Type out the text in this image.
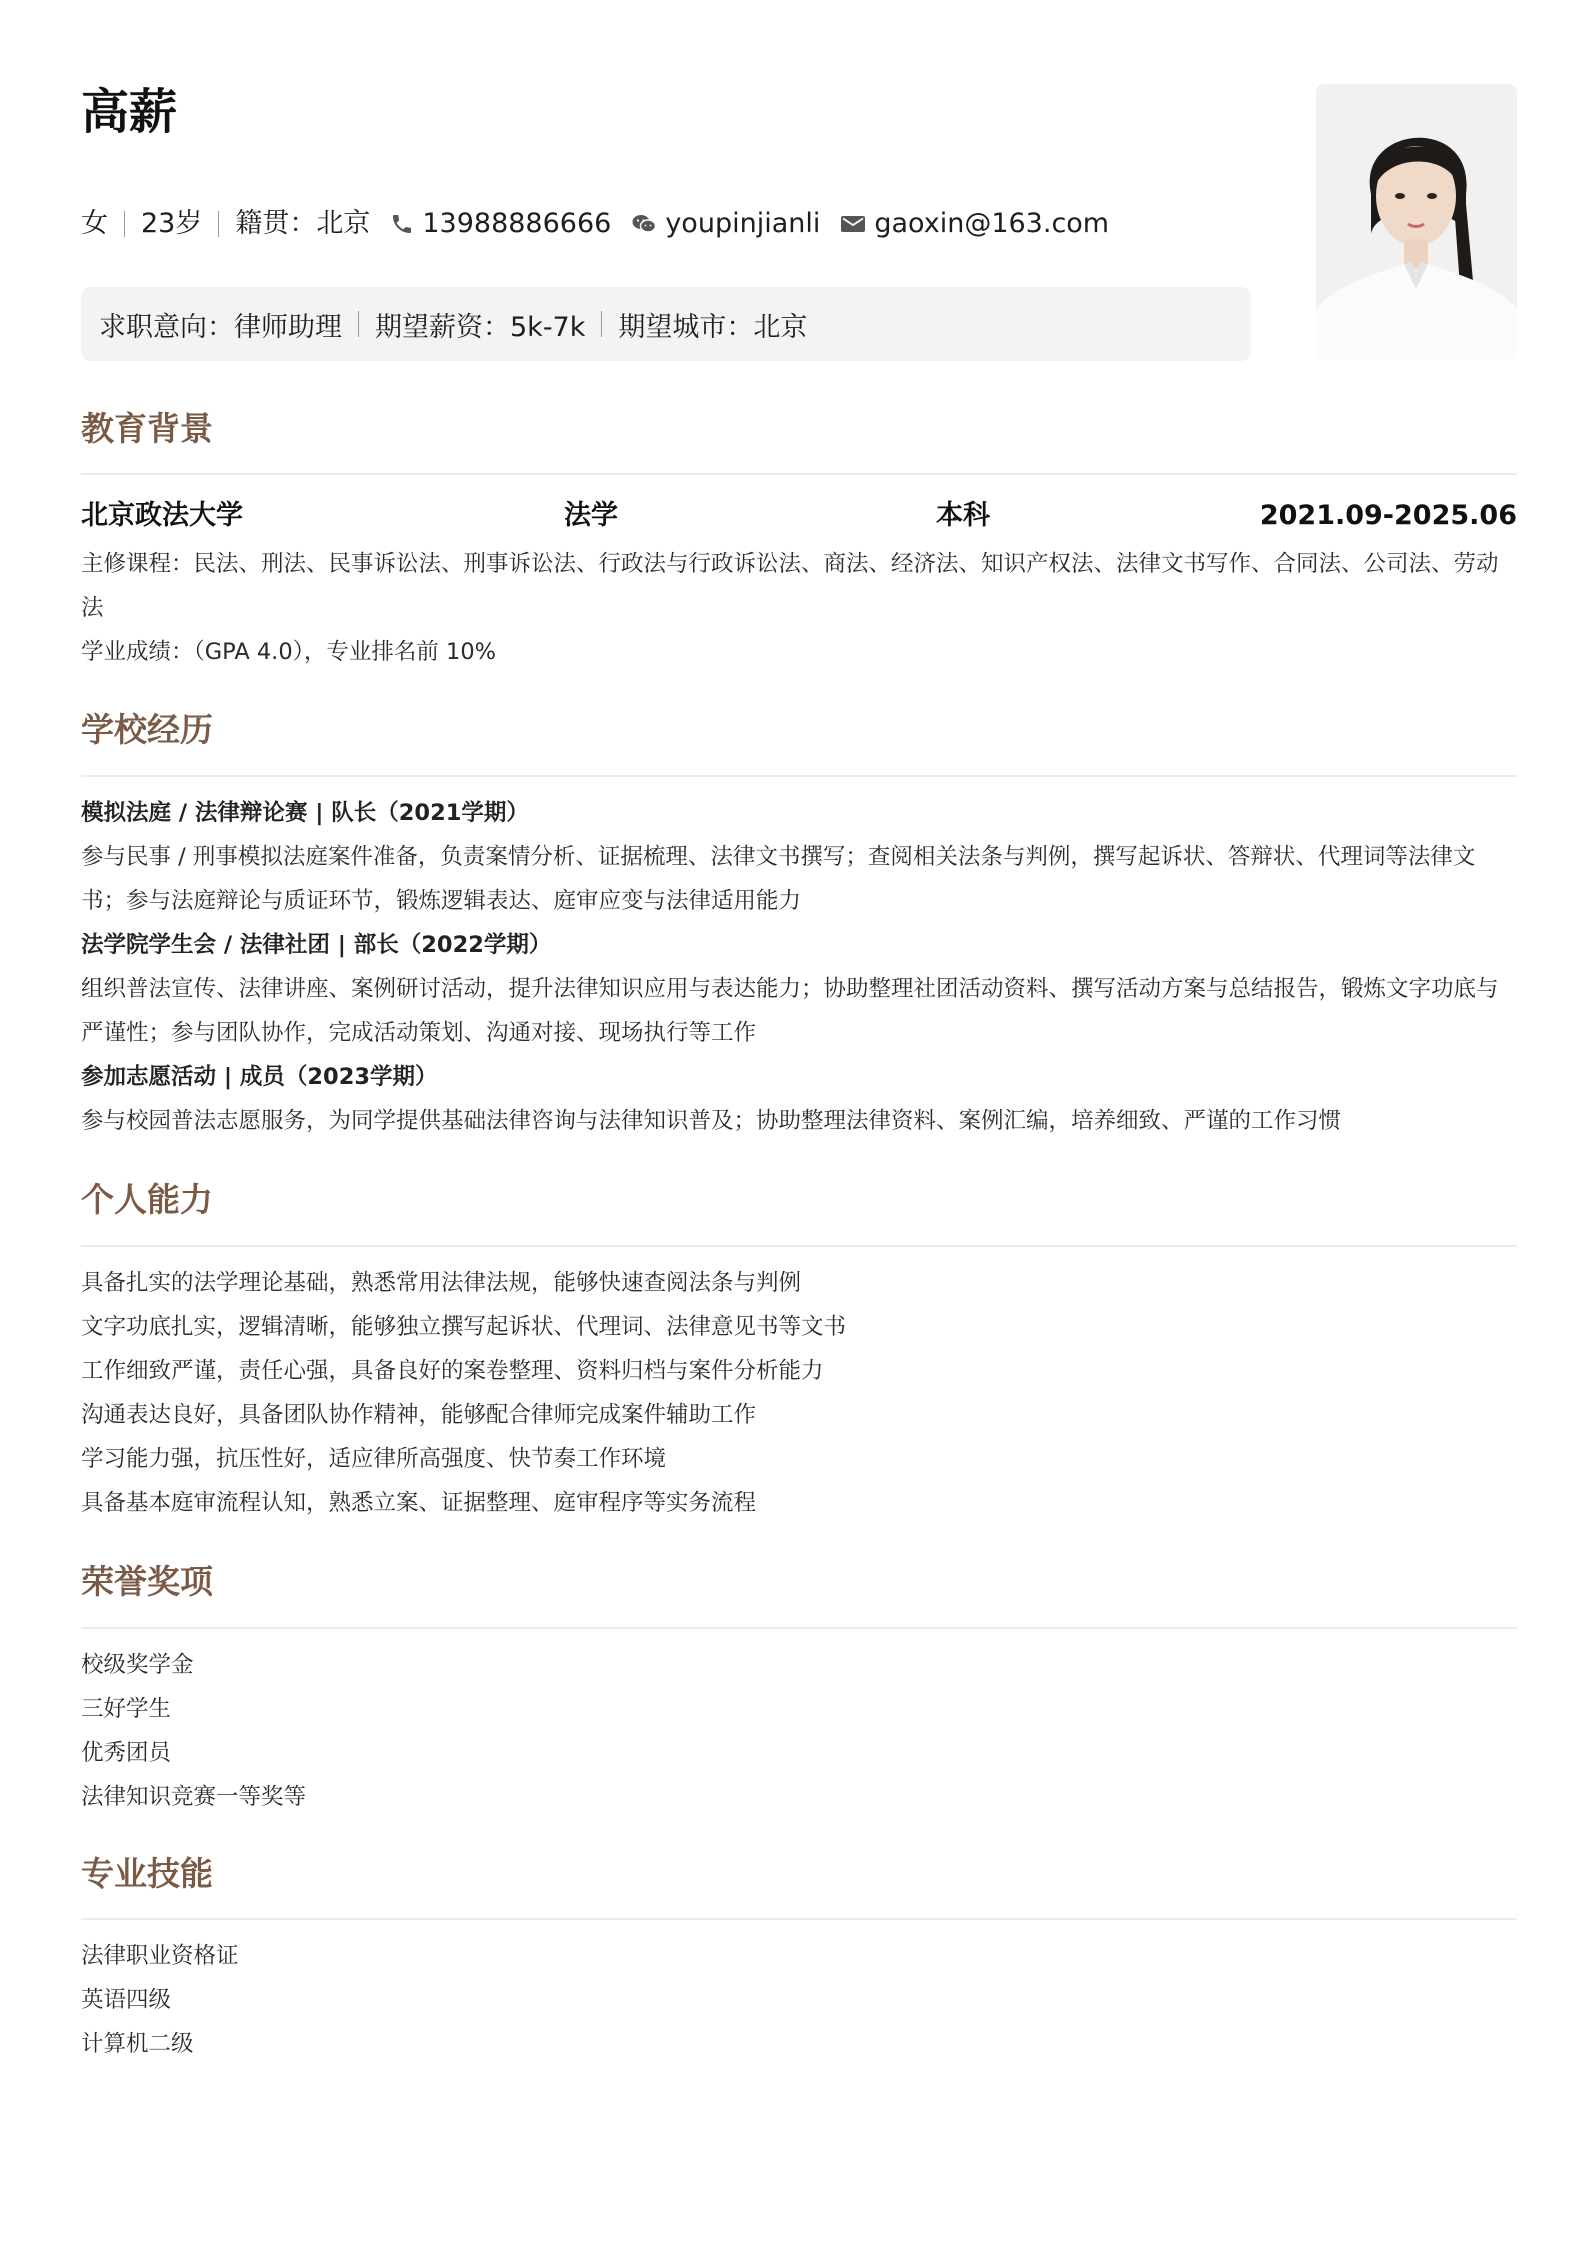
高薪
女 23岁 籍贯：北京 13988886666 youpinjianli gaoxin@163.com
求职意向：律师助理 期望薪资：5k-7k 期望城市：北京
教育背景
北京政法大学	法学	本科	2021.09-2025.06

主修课程：民法、刑法、民事诉讼法、刑事诉讼法、行政法与行政诉讼法、商法、经济法、知识产权法、法律文书写作、合同法、公司法、劳动法

学业成绩：（GPA 4.0），专业排名前 10%

学校经历
模拟法庭 / 法律辩论赛 | 队长（2021学期）

参与民事 / 刑事模拟法庭案件准备，负责案情分析、证据梳理、法律文书撰写；查阅相关法条与判例，撰写起诉状、答辩状、代理词等法律文书；参与法庭辩论与质证环节，锻炼逻辑表达、庭审应变与法律适用能力

法学院学生会 / 法律社团 | 部长（2022学期）

组织普法宣传、法律讲座、案例研讨活动，提升法律知识应用与表达能力；协助整理社团活动资料、撰写活动方案与总结报告，锻炼文字功底与严谨性；参与团队协作，完成活动策划、沟通对接、现场执行等工作

参加志愿活动 | 成员（2023学期）

参与校园普法志愿服务，为同学提供基础法律咨询与法律知识普及；协助整理法律资料、案例汇编，培养细致、严谨的工作习惯

个人能力
具备扎实的法学理论基础，熟悉常用法律法规，能够快速查阅法条与判例
文字功底扎实，逻辑清晰，能够独立撰写起诉状、代理词、法律意见书等文书
工作细致严谨，责任心强，具备良好的案卷整理、资料归档与案件分析能力
沟通表达良好，具备团队协作精神，能够配合律师完成案件辅助工作
学习能力强，抗压性好，适应律所高强度、快节奏工作环境
具备基本庭审流程认知，熟悉立案、证据整理、庭审程序等实务流程
荣誉奖项
校级奖学金
三好学生
优秀团员
法律知识竞赛一等奖等
专业技能
法律职业资格证
英语四级
计算机二级
